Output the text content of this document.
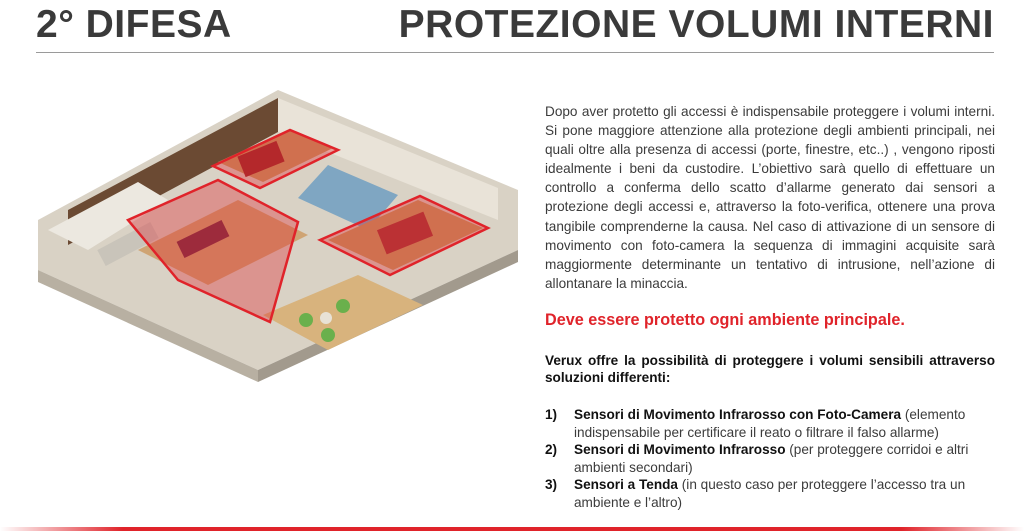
2° DIFESA	PROTEZIONE VOLUMI INTERNI

Dopo aver protetto gli accessi è indispensabile proteggere i volumi interni. Si pone maggiore attenzione alla protezione degli ambienti principali, nei quali oltre alla presenza di accessi (porte, finestre, etc..) , vengono riposti idealmente i beni da custodire. L’obiettivo sarà quello di effettuare un controllo a conferma dello scatto d’allarme generato dai sensori a protezione degli accessi e, attraverso la foto-verifica, ottenere una prova tangibile comprenderne la causa. Nel caso di attivazione di un sensore di movimento con foto-camera la sequenza di immagini acquisite sarà maggiormente determinante un tentativo di intrusione, nell’azione di allontanare la minaccia.

Deve essere protetto ogni ambiente principale.

Verux offre la possibilità di proteggere i volumi sensibili attraverso soluzioni differenti:

1)	Sensori di Movimento Infrarosso con Foto-Camera (elemento indispensabile per certificare il reato o filtrare il falso allarme)
2)	Sensori di Movimento Infrarosso (per proteggere corridoi e altri ambienti secondari)
3)	Sensori a Tenda (in questo caso per proteggere l’accesso tra un ambiente e l’altro)
